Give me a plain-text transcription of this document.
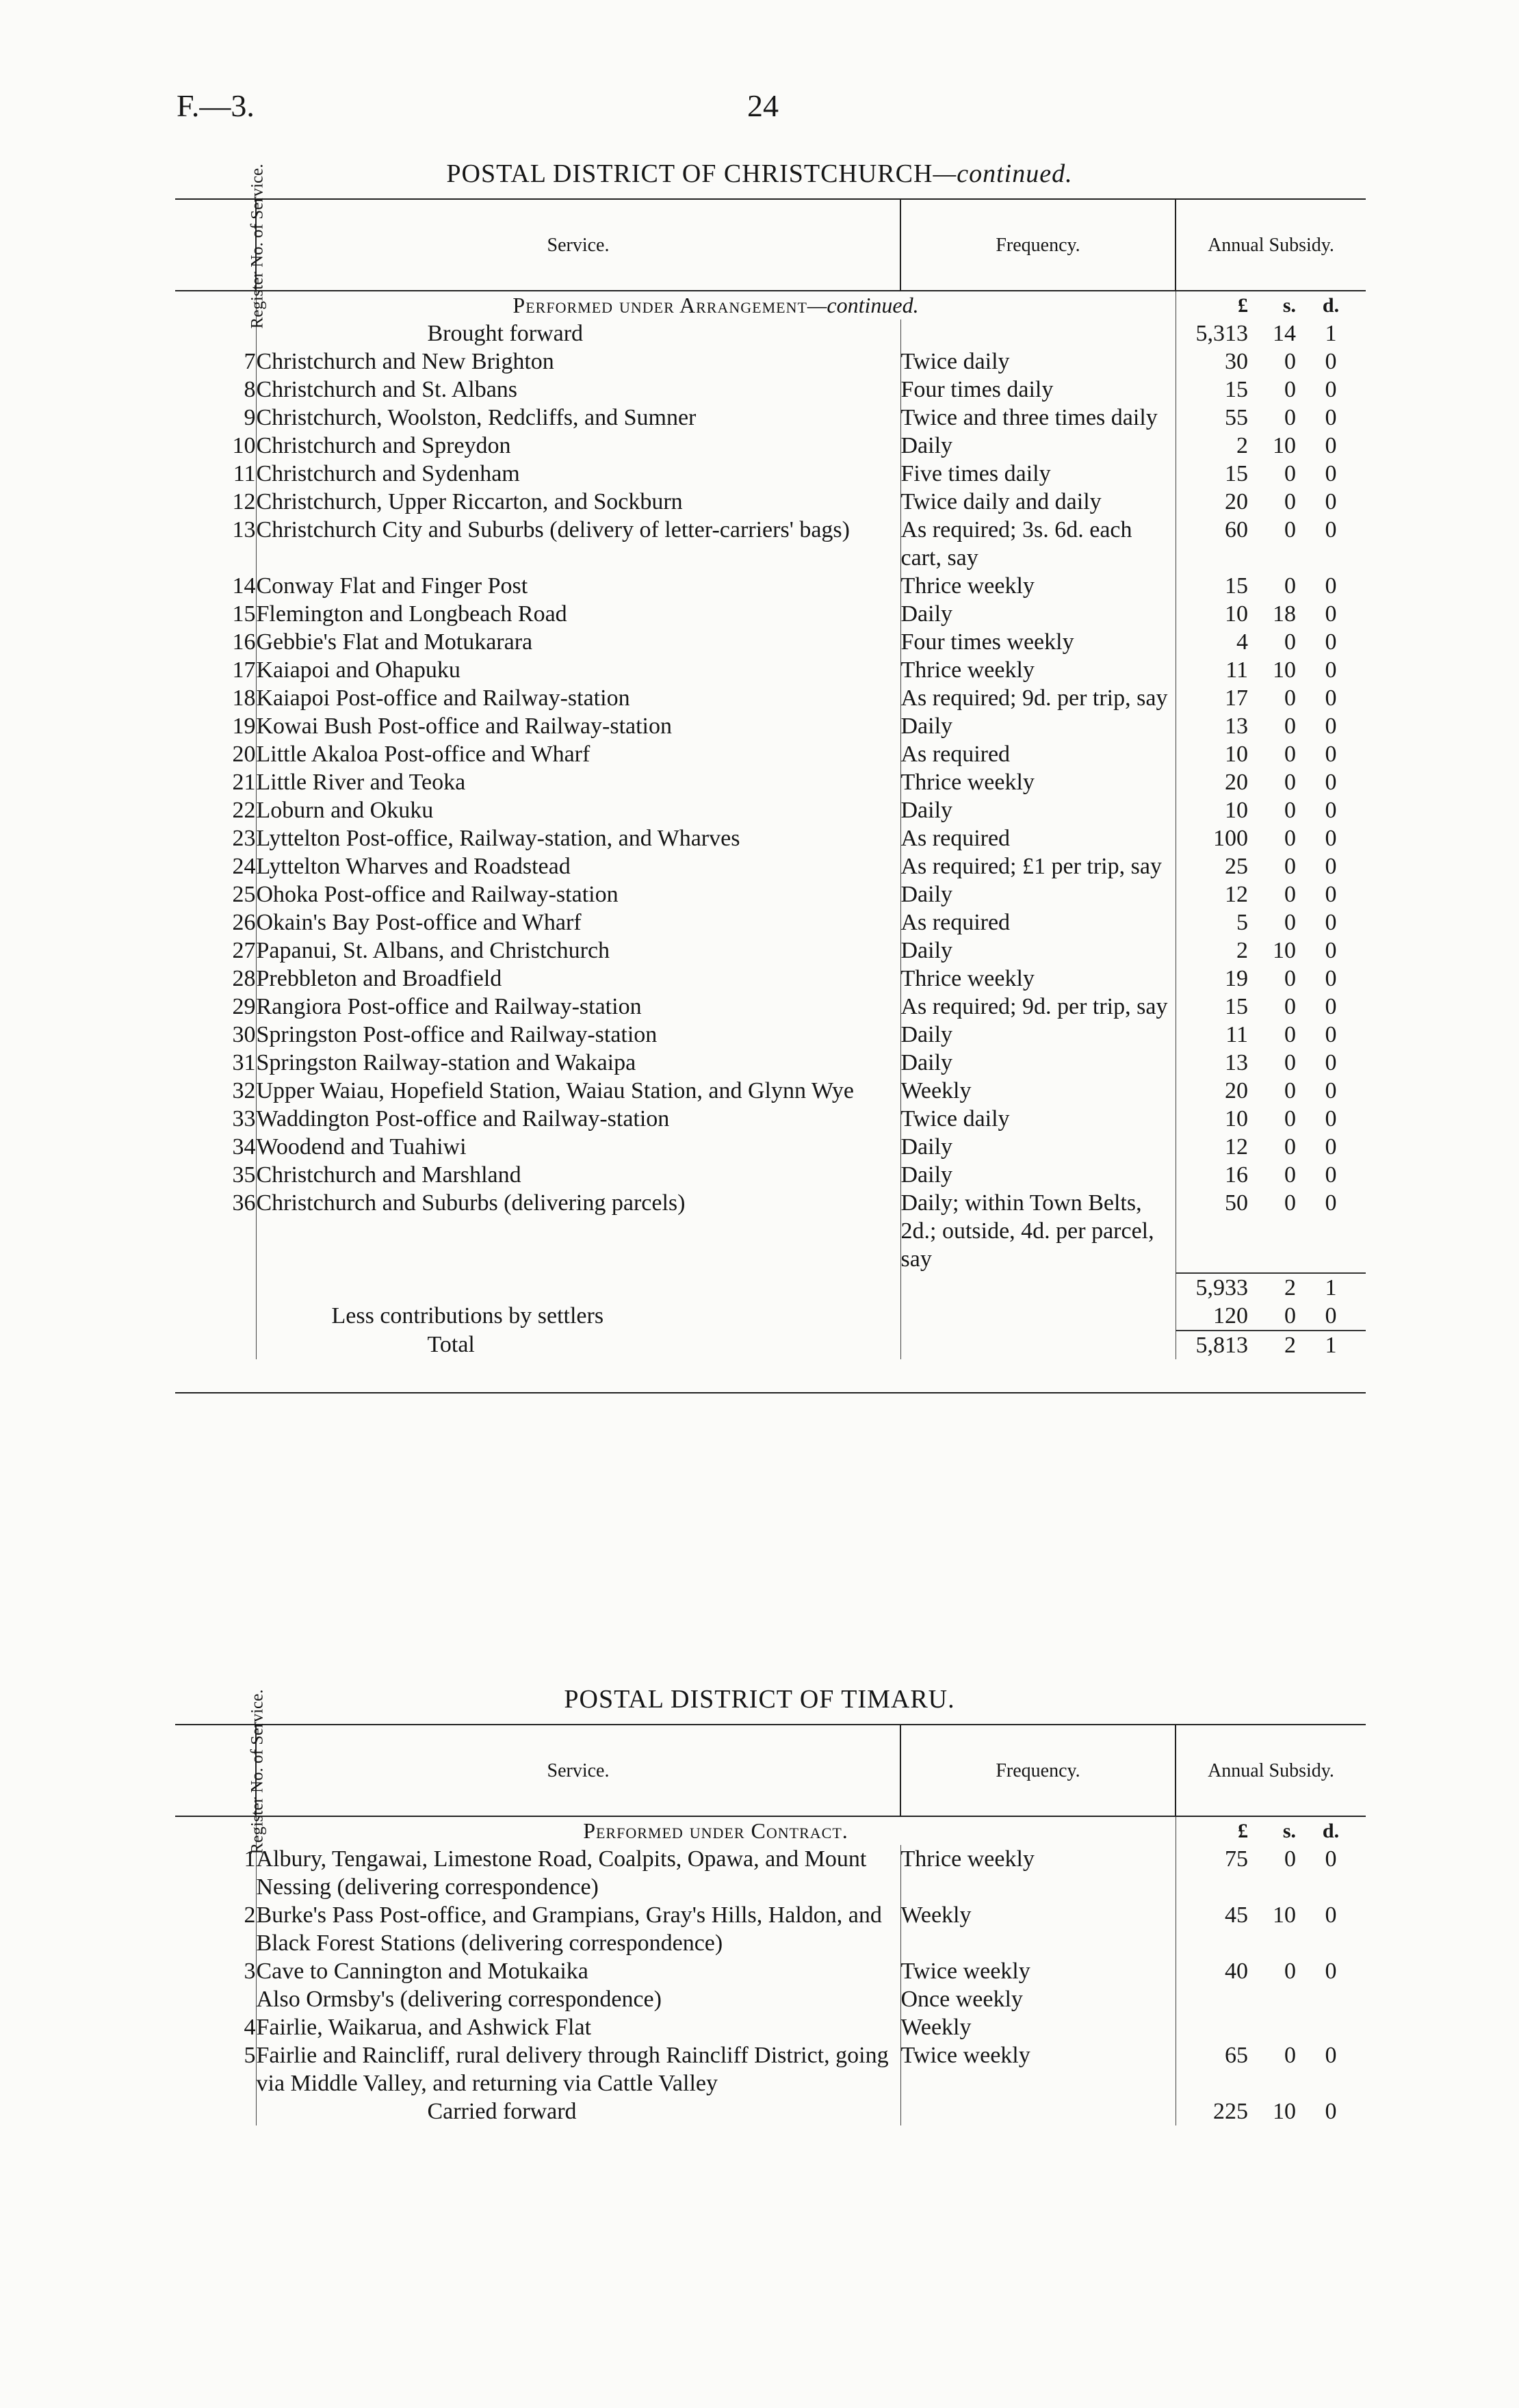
F.—3.	24
POSTAL DISTRICT OF CHRISTCHURCH—continued.
Register No. of Service.	Service.	Frequency.	Annual Subsidy.		
	Performed under Arrangement—continued.		£	s.	d.
	Brought forward		5,313	14	1
7	Christchurch and New Brighton	Twice daily	30	0	0
8	Christchurch and St. Albans	Four times daily	15	0	0
9	Christchurch, Woolston, Redcliffs, and Sumner	Twice and three times daily	55	0	0
10	Christchurch and Spreydon	Daily	2	10	0
11	Christchurch and Sydenham	Five times daily	15	0	0
12	Christchurch, Upper Riccarton, and Sockburn	Twice daily and daily	20	0	0
13	Christchurch City and Suburbs (delivery of letter-carriers' bags)	As required; 3s. 6d. each cart, say	60	0	0
14	Conway Flat and Finger Post	Thrice weekly	15	0	0
15	Flemington and Longbeach Road	Daily	10	18	0
16	Gebbie's Flat and Motukarara	Four times weekly	4	0	0
17	Kaiapoi and Ohapuku	Thrice weekly	11	10	0
18	Kaiapoi Post-office and Railway-station	As required; 9d. per trip, say	17	0	0
19	Kowai Bush Post-office and Railway-station	Daily	13	0	0
20	Little Akaloa Post-office and Wharf	As required	10	0	0
21	Little River and Teoka	Thrice weekly	20	0	0
22	Loburn and Okuku	Daily	10	0	0
23	Lyttelton Post-office, Railway-station, and Wharves	As required	100	0	0
24	Lyttelton Wharves and Roadstead	As required; £1 per trip, say	25	0	0
25	Ohoka Post-office and Railway-station	Daily	12	0	0
26	Okain's Bay Post-office and Wharf	As required	5	0	0
27	Papanui, St. Albans, and Christchurch	Daily	2	10	0
28	Prebbleton and Broadfield	Thrice weekly	19	0	0
29	Rangiora Post-office and Railway-station	As required; 9d. per trip, say	15	0	0
30	Springston Post-office and Railway-station	Daily	11	0	0
31	Springston Railway-station and Wakaipa	Daily	13	0	0
32	Upper Waiau, Hopefield Station, Waiau Station, and Glynn Wye	Weekly	20	0	0
33	Waddington Post-office and Railway-station	Twice daily	10	0	0
34	Woodend and Tuahiwi	Daily	12	0	0
35	Christchurch and Marshland	Daily	16	0	0
36	Christchurch and Suburbs (delivering parcels)	Daily; within Town Belts, 2d.; outside, 4d. per parcel, say	50	0	0
			5,933	2	1
	Less contributions by settlers		120	0	0
	Total		5,813	2	1

POSTAL DISTRICT OF TIMARU.
Register No. of Service.	Service.	Frequency.	Annual Subsidy.		
	Performed under Contract.		£	s.	d.
1	Albury, Tengawai, Limestone Road, Coalpits, Opawa, and Mount Nessing (delivering correspondence)	Thrice weekly	75	0	0
2	Burke's Pass Post-office, and Grampians, Gray's Hills, Haldon, and Black Forest Stations (delivering correspondence)	Weekly	45	10	0
3	Cave to Cannington and Motukaika	Twice weekly	40	0	0
	Also Ormsby's (delivering correspondence)	Once weekly			
4	Fairlie, Waikarua, and Ashwick Flat	Weekly			
5	Fairlie and Raincliff, rural delivery through Raincliff District, going via Middle Valley, and returning via Cattle Valley	Twice weekly	65	0	0
	Carried forward		225	10	0
